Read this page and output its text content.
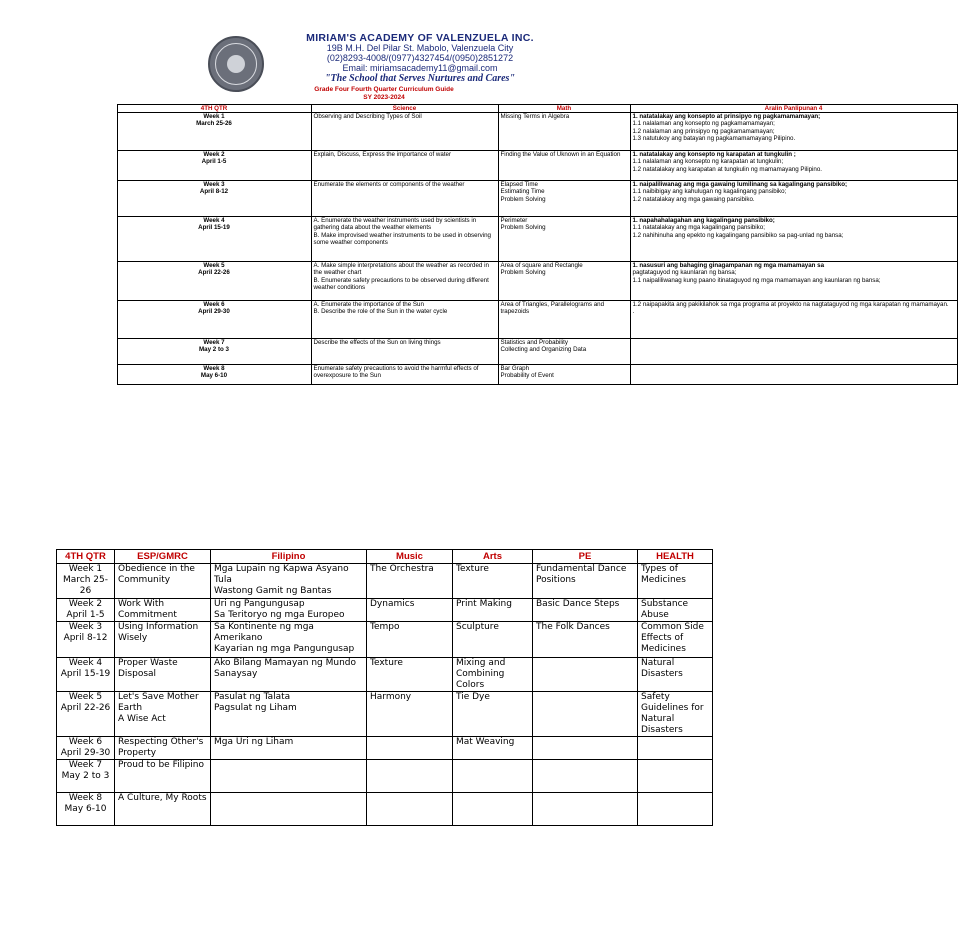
MIRIAM'S ACADEMY OF VALENZUELA INC.
19B M.H. Del Pilar St. Mabolo, Valenzuela City
(02)8293-4008/(0977)4327454/(0950)2851272
Email: miriamsacademy11@gmail.com
"The School that Serves Nurtures and Cares"
Grade Four Fourth Quarter Curriculum Guide
SY 2023-2024
	4TH QTR	Science	Math	Aralin Panlipunan 4

	Week 1
March 25-26	Observing and Describing Types of Soil	Missing Terms in Algebra	1. natatalakay ang konsepto at prinsipyo ng pagkamamamayan;
1.1 nalalaman ang konsepto ng pagkamamamayan;
1.2 nalalaman ang prinsipyo ng pagkamamamayan;
1.3 natutukoy ang batayan ng pagkamamamayang Pilipino.

	Week 2
April 1-5	Explain, Discuss, Express the importance of water	Finding the Value of Uknown in an Equation	1. natatalakay ang konsepto ng karapatan at tungkulin ;
1.1 nalalaman ang konsepto ng karapatan at tungkulin;
1.2 natatalakay ang karapatan at tungkulin ng mamamayang Pilipino.

	Week 3
April 8-12	Enumerate the elements or components of the weather	Elapsed Time
Estimating Time
Problem Solving	1. naipaliliwanag ang mga gawaing lumilinang sa kagalingang pansibiko;
1.1 naibibigay ang kahulugan ng kagalingang pansibiko;
1.2 natatalakay ang mga gawaing pansibiko.

	Week 4
April 15-19	A. Enumerate the weather instruments used by scientists in gathering data about the weather elements
B. Make improvised weather instruments to be used in observing some weather components	Perimeter
Problem Solving	1. napahahalagahan ang kagalingang pansibiko;
1.1 natatalakay ang mga kagalingang pansibiko;
1.2 nahihinuha ang epekto ng kagalingang pansibiko sa pag-unlad ng bansa;

	Week 5
April 22-26	A. Make simple interpretations about the weather as recorded in the weather chart
B. Enumerate safety precautions to be observed during different weather conditions	Area of square and Rectangle
Problem Solving	1. nasusuri ang bahaging ginagampanan ng mga mamamayan sa
pagtataguyod ng kaunlaran ng bansa;
1.1 naipaliliwanag kung paano itinataguyod ng mga mamamayan ang kaunlaran ng bansa;

	Week 6
April 29-30	A. Enumerate the importance of the Sun
B. Describe the role of the Sun in the water cycle	Area of Triangles, Parallelograms and trapezoids	1.2 naipapakita ang pakikilahok sa mga programa at proyekto na nagtataguyod ng mga karapatan ng mamamayan.
.

	Week 7
May 2 to 3	Describe the effects of the Sun on living things	Statistics and Probability
Collecting and Organizing Data	

	Week 8
May 6-10	Enumerate safety precautions to avoid the harmful effects of overexposure to the Sun	Bar Graph
Probability of Event	

4TH QTR	ESP/GMRC	Filipino	Music	Arts	PE	HEALTH

Week 1
March 25-26	Obedience in the Community	Mga Lupain ng Kapwa Asyano
Tula
Wastong Gamit ng Bantas	The Orchestra	Texture	Fundamental Dance Positions	Types of Medicines

Week 2
April 1-5	Work With Commitment	Uri ng Pangungusap
Sa Teritoryo ng mga Europeo	Dynamics	Print Making	Basic Dance Steps	Substance Abuse

Week 3
April 8-12	Using Information Wisely	Sa Kontinente ng mga Amerikano
Kayarian ng mga Pangungusap	Tempo	Sculpture	The Folk Dances	Common Side Effects of Medicines

Week 4
April 15-19	Proper Waste Disposal	Ako Bilang Mamayan ng Mundo
Sanaysay	Texture	Mixing and Combining Colors		Natural Disasters

Week 5
April 22-26	Let's Save Mother Earth
A Wise Act	Pasulat ng Talata
Pagsulat ng Liham	Harmony	Tie Dye		Safety Guidelines for Natural Disasters

Week 6
April 29-30	Respecting Other's Property	Mga Uri ng Liham		Mat Weaving		

Week 7
May 2 to 3	Proud to be Filipino					

Week 8
May 6-10	A Culture, My Roots					
